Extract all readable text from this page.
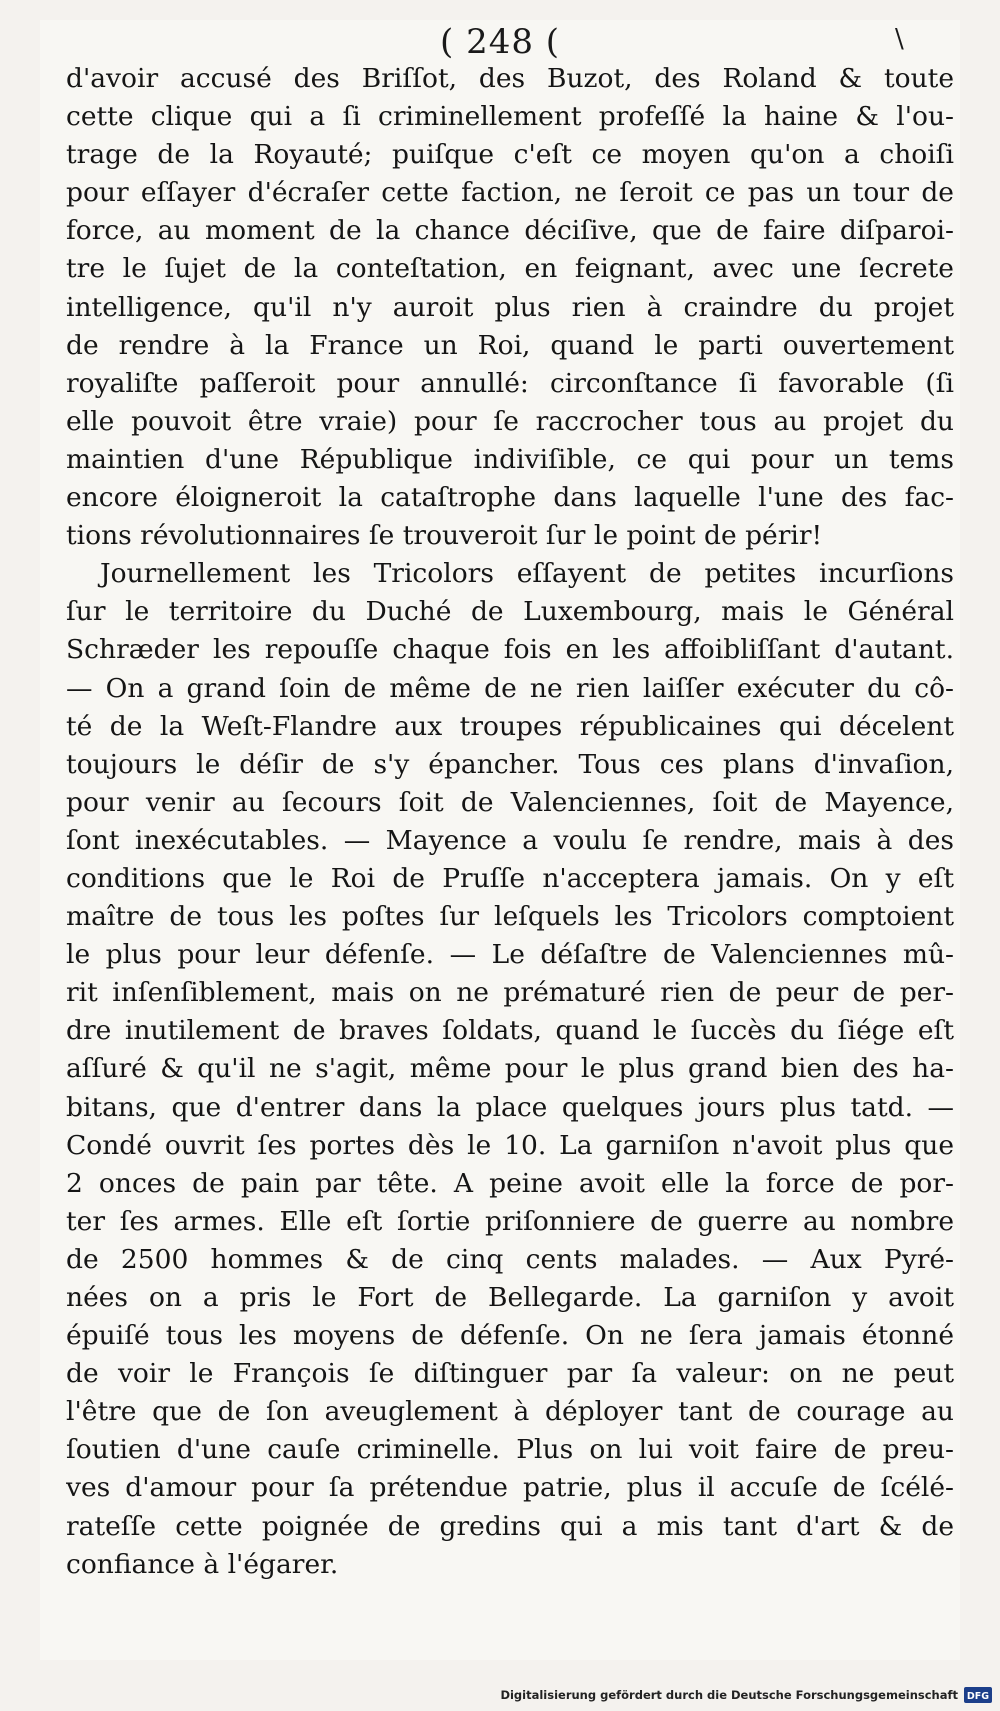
( 248 (	\
d'avoir accusé des Briſſot, des Buzot, des Roland & toute
cette clique qui a ſi criminellement profeſſé la haine & l'ou-
trage de la Royauté; puiſque c'eſt ce moyen qu'on a choiſi
pour eſſayer d'écraſer cette faction, ne ſeroit ce pas un tour de
force, au moment de la chance déciſive, que de faire diſparoi-
tre le ſujet de la conteſtation, en feignant, avec une ſecrete
intelligence, qu'il n'y auroit plus rien à craindre du projet
de rendre à la France un Roi, quand le parti ouvertement
royaliſte paſſeroit pour annullé: circonſtance ſi favorable (ſi
elle pouvoit être vraie) pour ſe raccrocher tous au projet du
maintien d'une République indiviſible, ce qui pour un tems
encore éloigneroit la cataſtrophe dans laquelle l'une des fac-
tions révolutionnaires ſe trouveroit ſur le point de périr!
Journellement les Tricolors eſſayent de petites incurſions
ſur le territoire du Duché de Luxembourg, mais le Général
Schræder les repouſſe chaque fois en les affoibliſſant d'autant.
— On a grand ſoin de même de ne rien laiſſer exécuter du cô-
té de la Weſt-Flandre aux troupes républicaines qui décelent
toujours le déſir de s'y épancher. Tous ces plans d'invaſion,
pour venir au ſecours ſoit de Valenciennes, ſoit de Mayence,
ſont inexécutables. — Mayence a voulu ſe rendre, mais à des
conditions que le Roi de Pruſſe n'acceptera jamais. On y eſt
maître de tous les poſtes ſur leſquels les Tricolors comptoient
le plus pour leur défenſe. — Le déſaſtre de Valenciennes mû-
rit inſenſiblement, mais on ne prématuré rien de peur de per-
dre inutilement de braves ſoldats, quand le ſuccès du ſiége eſt
aſſuré & qu'il ne s'agit, même pour le plus grand bien des ha-
bitans, que d'entrer dans la place quelques jours plus tatd. —
Condé ouvrit ſes portes dès le 10. La garniſon n'avoit plus que
2 onces de pain par tête. A peine avoit elle la force de por-
ter ſes armes. Elle eſt ſortie priſonniere de guerre au nombre
de 2500 hommes & de cinq cents malades. — Aux Pyré-
nées on a pris le Fort de Bellegarde. La garniſon y avoit
épuiſé tous les moyens de défenſe. On ne ſera jamais étonné
de voir le François ſe diſtinguer par ſa valeur: on ne peut
l'être que de ſon aveuglement à déployer tant de courage au
ſoutien d'une cauſe criminelle. Plus on lui voit faire de preu-
ves d'amour pour ſa prétendue patrie, plus il accuſe de ſcélé-
rateſſe cette poignée de gredins qui a mis tant d'art & de
confiance à l'égarer.
Digitalisierung gefördert durch die Deutsche Forschungsgemeinschaft DFG
